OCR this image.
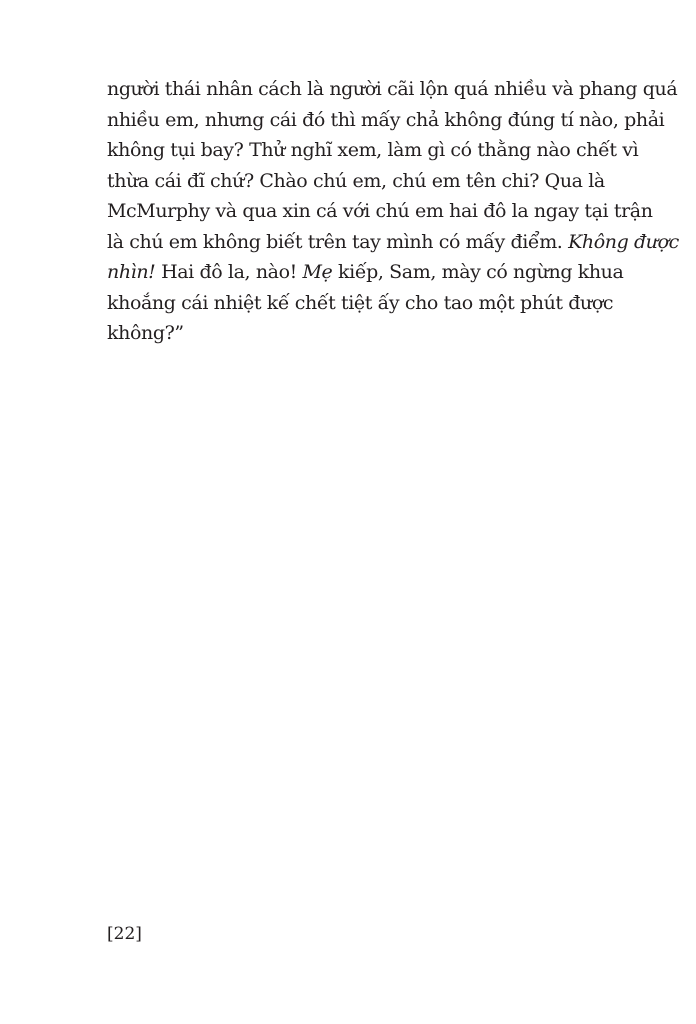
người thái nhân cách là người cãi lộn quá nhiều và phang quá
nhiều em, nhưng cái đó thì mấy chả không đúng tí nào, phải
không tụi bay? Thử nghĩ xem, làm gì có thằng nào chết vì
thừa cái đĩ chứ? Chào chú em, chú em tên chi? Qua là
McMurphy và qua xin cá với chú em hai đô la ngay tại trận
là chú em không biết trên tay mình có mấy điểm. Không được
nhìn! Hai đô la, nào! Mẹ kiếp, Sam, mày có ngừng khua
khoắng cái nhiệt kế chết tiệt ấy cho tao một phút được
không?”
[22]
